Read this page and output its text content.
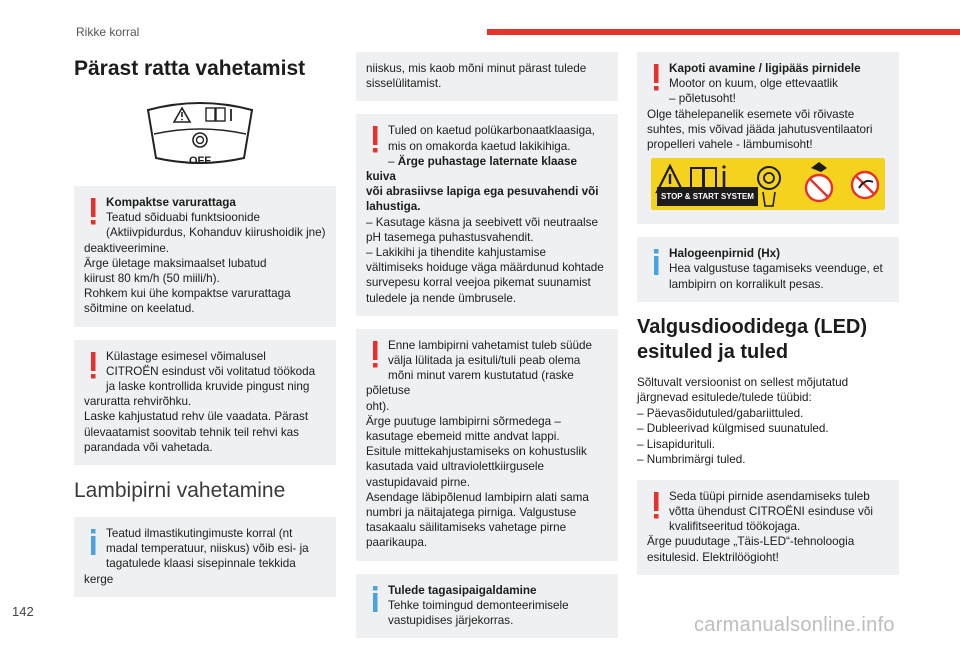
Rikke korral
Pärast ratta vahetamist
OFF
Kompaktse varurattaga
Teatud sõiduabi funktsioonide
(Aktiivpidurdus, Kohanduv kiirushoidik jne)
deaktiveerimine.
Ärge ületage maksimaalset lubatud
kiirust 80 km/h (50 miili/h).
Rohkem kui ühe kompaktse varurattaga
sõitmine on keelatud.
Külastage esimesel võimalusel
CITROËN esindust või volitatud töökoda
ja laske kontrollida kruvide pingust ning
varuratta rehvirõhku.
Laske kahjustatud rehv üle vaadata. Pärast
ülevaatamist soovitab tehnik teil rehvi kas
parandada või vahetada.
Lambipirni vahetamine
Teatud ilmastikutingimuste korral (nt
madal temperatuur, niiskus) võib esi- ja
tagatulede klaasi sisepinnale tekkida kerge
niiskus, mis kaob mõni minut pärast tulede
sisselülitamist.
Tuled on kaetud polükarbonaatklaasiga,
mis on omakorda kaetud lakikihiga.
– Ärge puhastage laternate klaase kuiva
või abrasiivse lapiga ega pesuvahendi või
lahustiga.
– Kasutage käsna ja seebivett või neutraalse
pH tasemega puhastusvahendit.
– Lakikihi ja tihendite kahjustamise
vältimiseks hoiduge väga määrdunud kohtade
survepesu korral veejoa pikemat suunamist
tuledele ja nende ümbrusele.
Enne lambipirni vahetamist tuleb süüde
välja lülitada ja esituli/tuli peab olema
mõni minut varem kustutatud (raske põletuse
oht).
Ärge puutuge lambipirni sõrmedega –
kasutage ebemeid mitte andvat lappi.
Esitule mittekahjustamiseks on kohustuslik
kasutada vaid ultraviolettkiirgusele
vastupidavaid pirne.
Asendage läbipõlenud lambipirn alati sama
numbri ja näitajatega pirniga. Valgustuse
tasakaalu säilitamiseks vahetage pirne
paarikaupa.
Tulede tagasipaigaldamine
Tehke toimingud demonteerimisele
vastupidises järjekorras.
Kapoti avamine / ligipääs pirnidele
Mootor on kuum, olge ettevaatlik
– põletusoht!
Olge tähelepanelik esemete või rõivaste
suhtes, mis võivad jääda jahutusventilaatori
propelleri vahele - lämbumisoht!
STOP & START SYSTEM
Halogeenpirnid (Hx)
Hea valgustuse tagamiseks veenduge, et
lambipirn on korralikult pesas.
Valgusdioodidega (LED)
esituled ja tuled
Sõltuvalt versioonist on sellest mõjutatud
järgnevad esitulede/tulede tüübid:
– Päevasõidutuled/gabariittuled.
– Dubleerivad külgmised suunatuled.
– Lisapidurituli.
– Numbrimärgi tuled.
Seda tüüpi pirnide asendamiseks tuleb
võtta ühendust CITROËNI esinduse või
kvalifitseeritud töökojaga.
Ärge puudutage „Täis-LED“-tehnoloogia
esitulesid. Elektrilöögioht!
142
carmanualsonline.info
